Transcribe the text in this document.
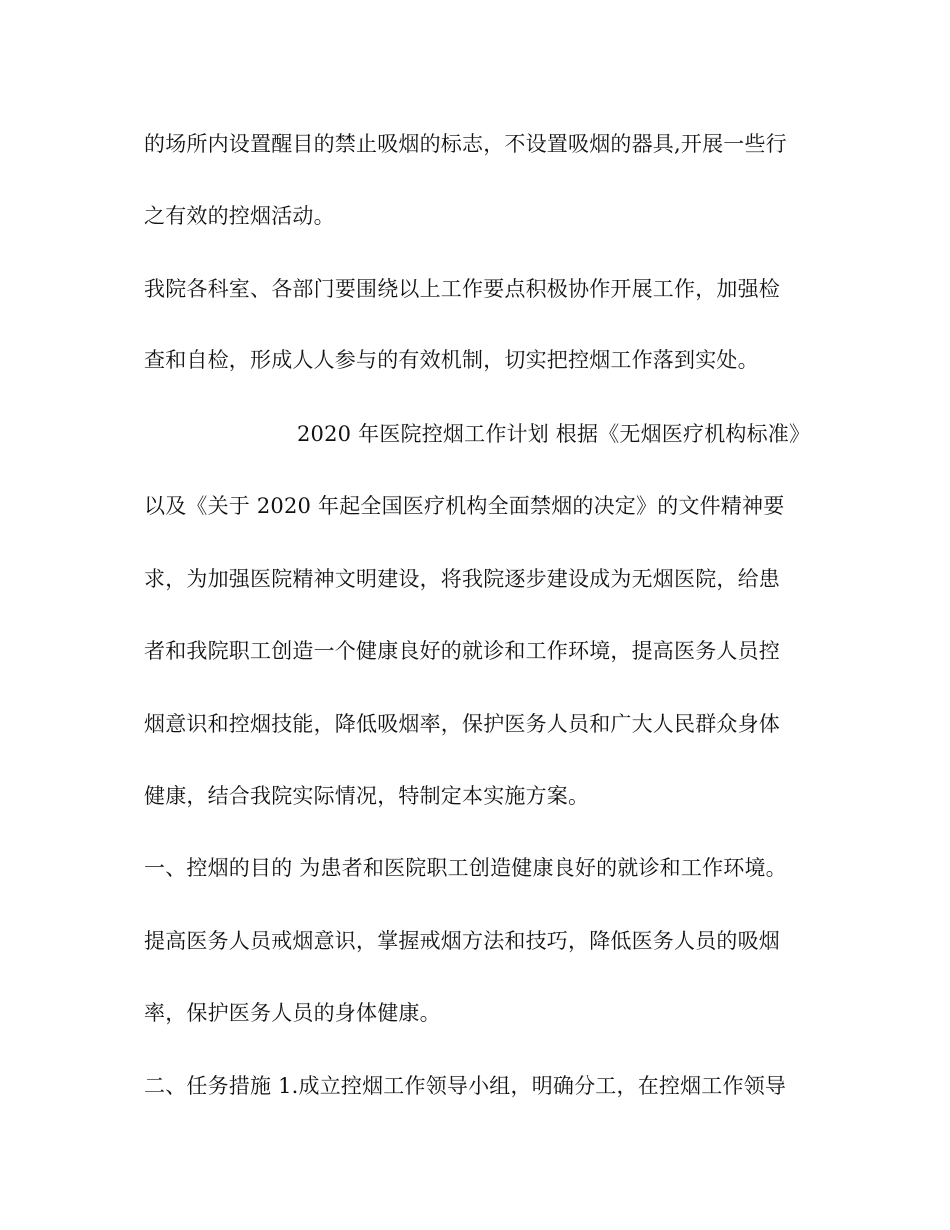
的场所内设置醒目的禁止吸烟的标志，不设置吸烟的器具,开展一些行
之有效的控烟活动。
我院各科室、各部门要围绕以上工作要点积极协作开展工作，加强检
查和自检，形成人人参与的有效机制，切实把控烟工作落到实处。
2020 年医院控烟工作计划 根据《无烟医疗机构标准》
以及《关于 2020 年起全国医疗机构全面禁烟的决定》的文件精神要
求，为加强医院精神文明建设，将我院逐步建设成为无烟医院，给患
者和我院职工创造一个健康良好的就诊和工作环境，提高医务人员控
烟意识和控烟技能，降低吸烟率，保护医务人员和广大人民群众身体
健康，结合我院实际情况，特制定本实施方案。
一、控烟的目的 为患者和医院职工创造健康良好的就诊和工作环境。
提高医务人员戒烟意识，掌握戒烟方法和技巧，降低医务人员的吸烟
率，保护医务人员的身体健康。
二、任务措施 1.成立控烟工作领导小组，明确分工，在控烟工作领导
